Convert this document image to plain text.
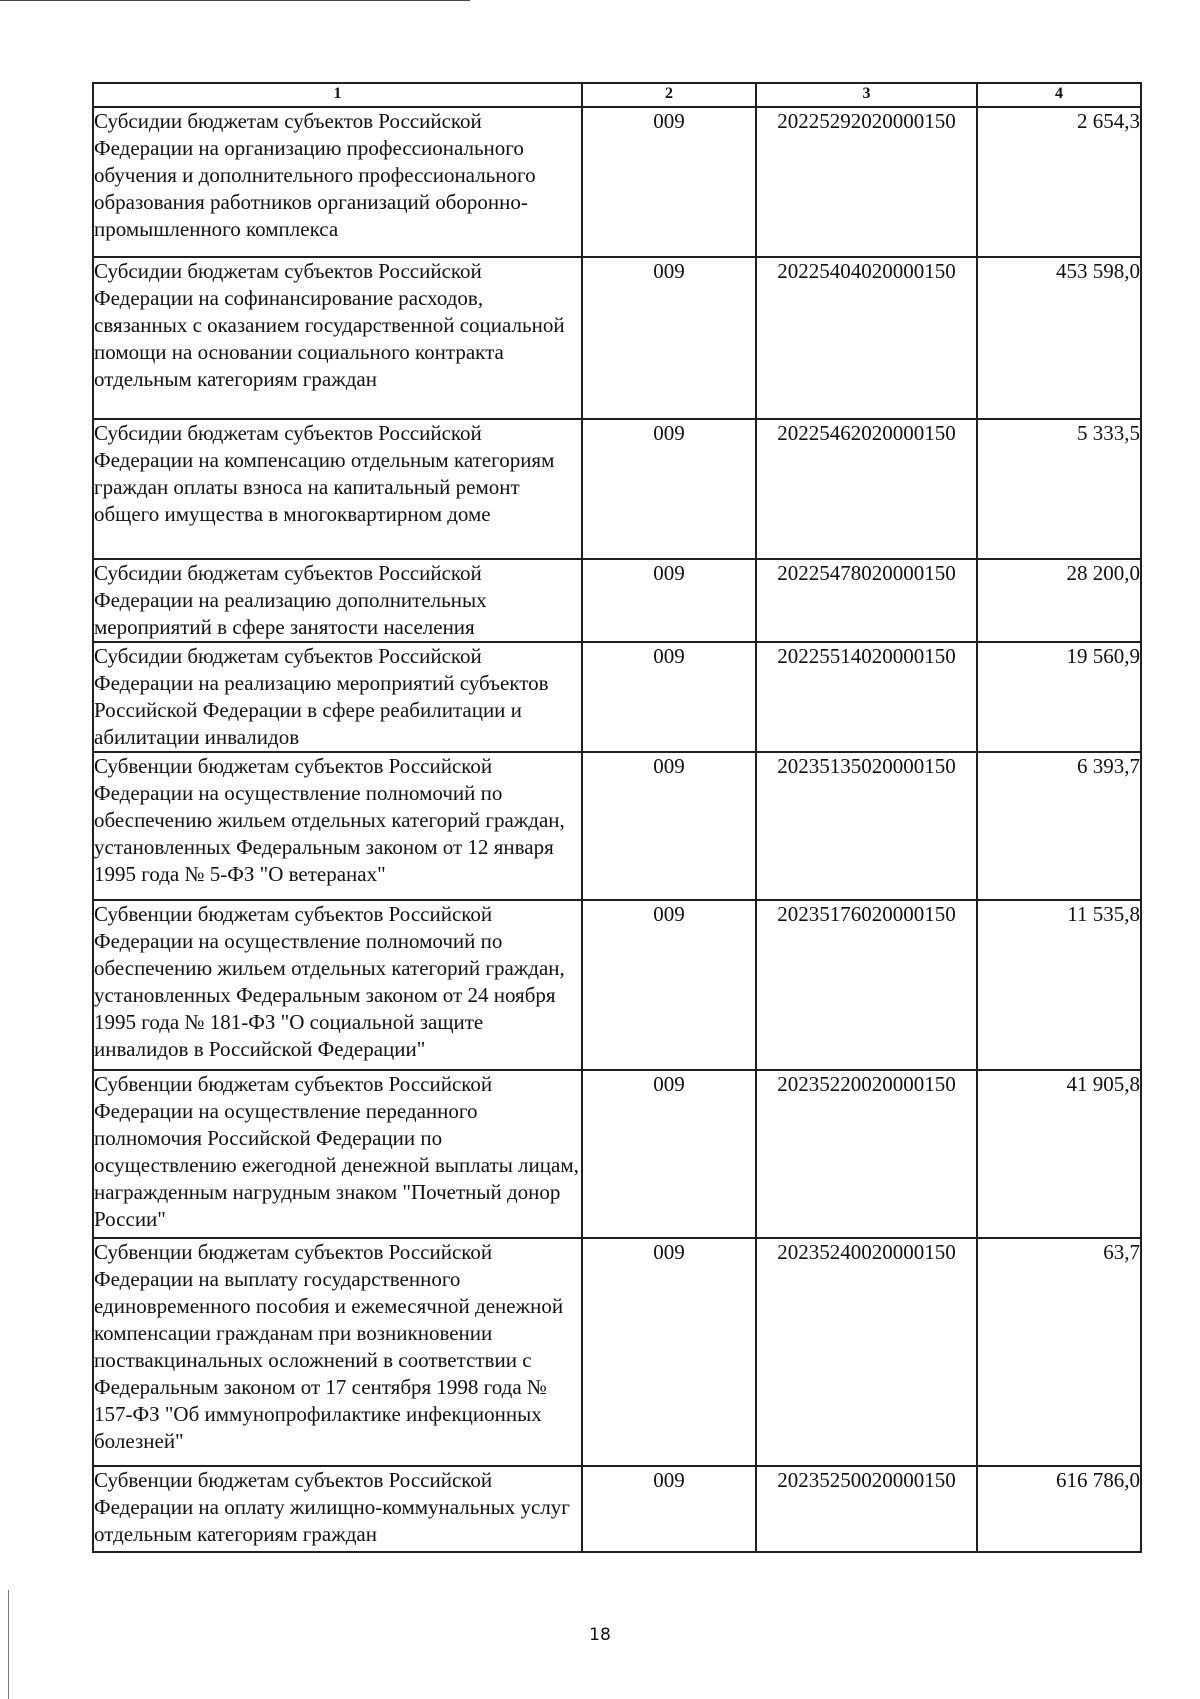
1	2	3	4
Субсидии бюджетам субъектов Российской Федерации на организацию профессионального обучения и дополнительного профессионального образования работников организаций оборонно-промышленного комплекса	009	20225292020000150	2 654,3
Субсидии бюджетам субъектов Российской Федерации на софинансирование расходов, связанных с оказанием государственной социальной помощи на основании социального контракта отдельным категориям граждан	009	20225404020000150	453 598,0
Субсидии бюджетам субъектов Российской Федерации на компенсацию отдельным категориям граждан оплаты взноса на капитальный ремонт общего имущества в многоквартирном доме	009	20225462020000150	5 333,5
Субсидии бюджетам субъектов Российской Федерации на реализацию дополнительных мероприятий в сфере занятости населения	009	20225478020000150	28 200,0
Субсидии бюджетам субъектов Российской Федерации на реализацию мероприятий субъектов Российской Федерации в сфере реабилитации и абилитации инвалидов	009	20225514020000150	19 560,9
Субвенции бюджетам субъектов Российской Федерации на осуществление полномочий по обеспечению жильем отдельных категорий граждан, установленных Федеральным законом от 12 января 1995 года № 5-ФЗ "О ветеранах"	009	20235135020000150	6 393,7
Субвенции бюджетам субъектов Российской Федерации на осуществление полномочий по обеспечению жильем отдельных категорий граждан, установленных Федеральным законом от 24 ноября 1995 года № 181-ФЗ "О социальной защите инвалидов в Российской Федерации"	009	20235176020000150	11 535,8
Субвенции бюджетам субъектов Российской Федерации на осуществление переданного полномочия Российской Федерации по осуществлению ежегодной денежной выплаты лицам, награжденным нагрудным знаком "Почетный донор России"	009	20235220020000150	41 905,8
Субвенции бюджетам субъектов Российской Федерации на выплату государственного единовременного пособия и ежемесячной денежной компенсации гражданам при возникновении поствакцинальных осложнений в соответствии с Федеральным законом от 17 сентября 1998 года № 157-ФЗ "Об иммунопрофилактике инфекционных болезней"	009	20235240020000150	63,7
Субвенции бюджетам субъектов Российской Федерации на оплату жилищно-коммунальных услуг отдельным категориям граждан	009	20235250020000150	616 786,0
18
